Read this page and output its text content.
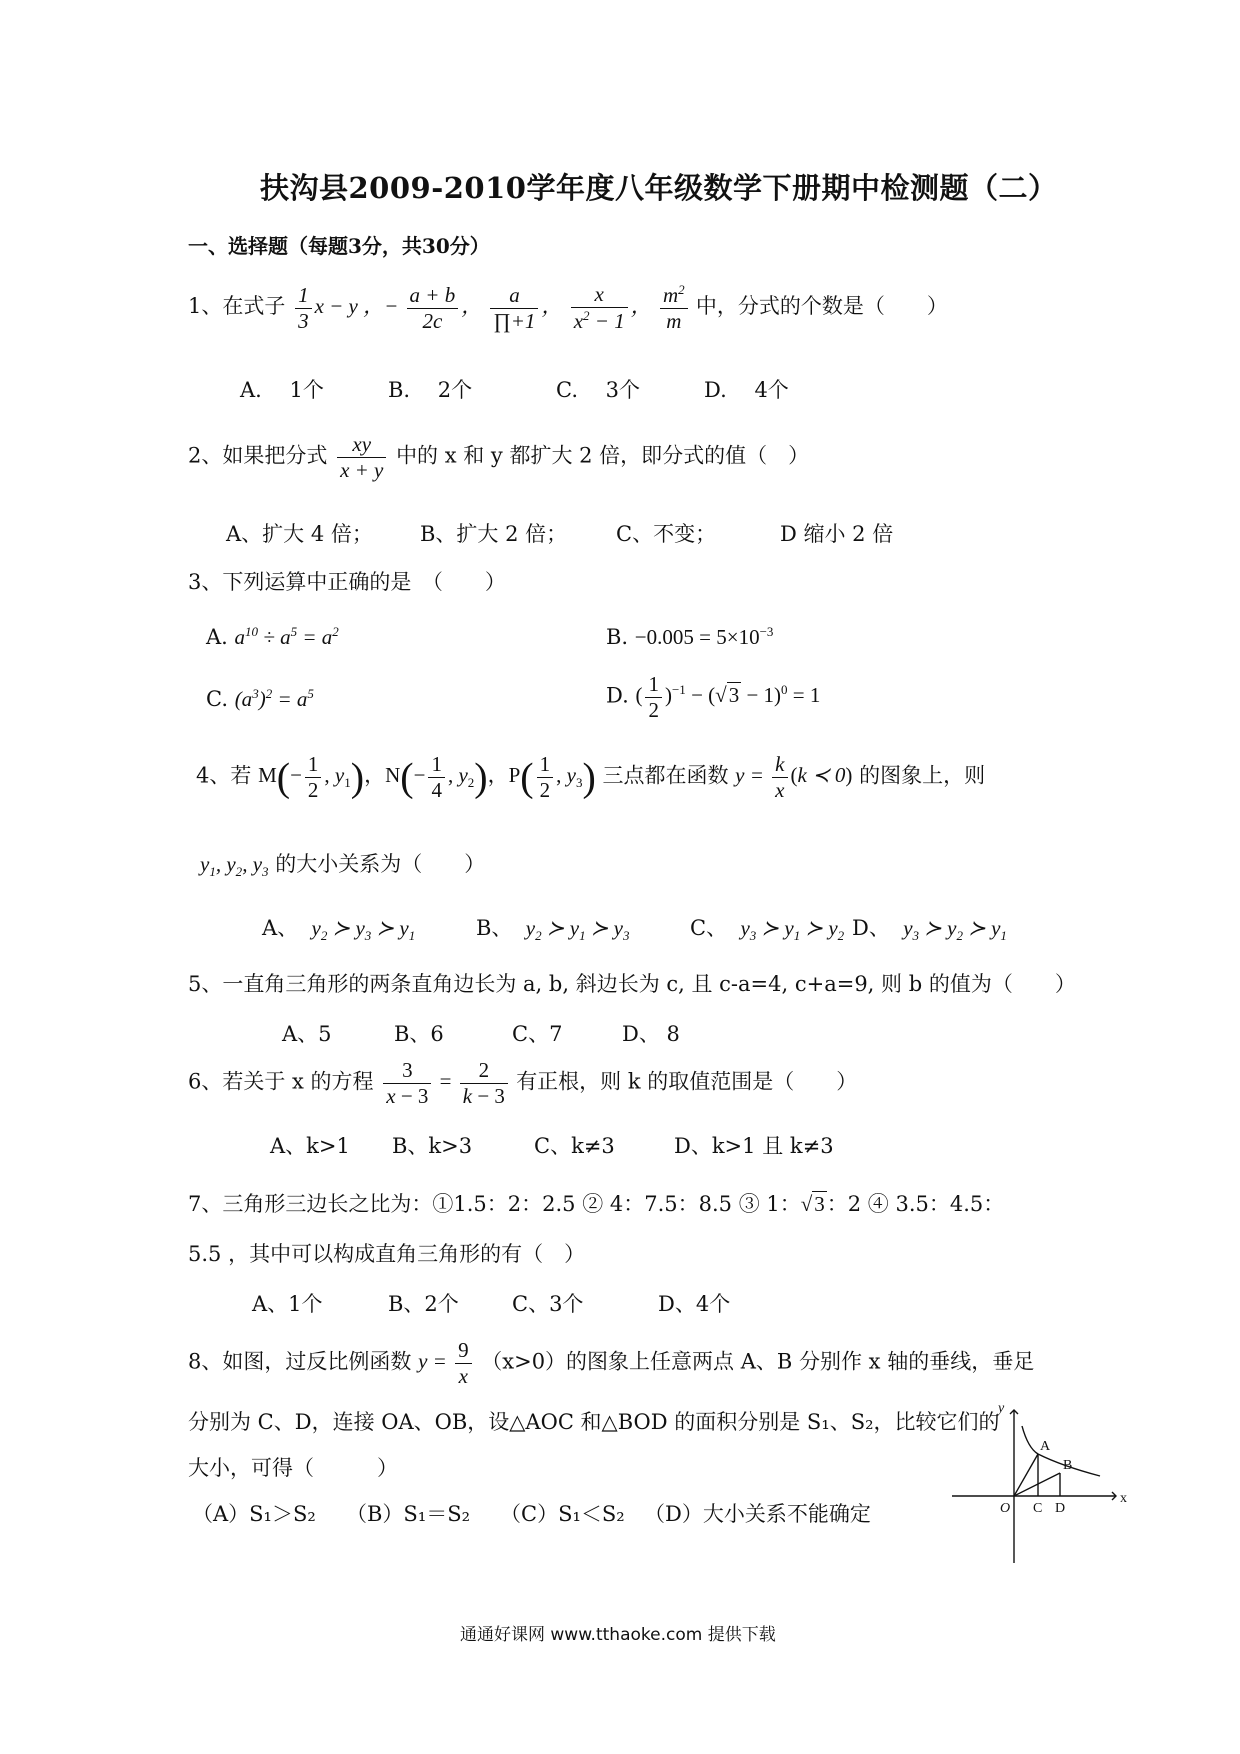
扶沟县2009-2010学年度八年级数学下册期中检测题（二）
一、选择题（每题3分，共30分）
1、在式子 $\frac{1}{3}$ x − y ，− $\frac{a + b}{2c}$ ， $\frac{a}{\prod+1}$ ， $\frac{x}{x^2 - 1}$ ， $\frac{m^2}{m}$ 中，分式的个数是（　　）
A.　 1个	B.　 2个	C.　 3个	D.　 4个
2、如果把分式 $\frac{xy}{x + y}$ 中的 x 和 y 都扩大 2 倍，即分式的值（　）
A、扩大 4 倍； B、扩大 2 倍； C、不变；	D 缩小 2 倍
3、下列运算中正确的是　（　　）
A. $a^{10} \div a^5 = a^2$	B. $-0.005 = 5\times 10^{-3}$
C. $(a^3)^2 = a^5$	D. ( $\frac{1}{2} )^{-1} - (√3 - 1)^0 = 1$
4、若 $M(- \frac{1}{2}$ , $y_1$)，$N(- \frac{1}{4}$ , $y_2$)，$P( \frac{1}{2}$ , $y_3$) 三点都在函数 $y = \frac{k}{x} (k$ ≺ 0) 的图象上，则
$y_1$, $y_2$, $y_3$ 的大小关系为（　　）
A、 $y_2$ ≻ $y_3$ ≻ $y_1$	B、 $y_2$ ≻ $y_1$ ≻ $y_3$	C、 $y_3$ ≻ $y_1$ ≻ $y_2$ D、 $y_3$ ≻ $y_2$ ≻ $y_1$
5、一直角三角形的两条直角边长为 a, b, 斜边长为 c, 且 c-a=4, c+a=9, 则 b 的值为（　　）
A、5	B、6	C、7	D、 8
6、若关于 x 的方程 $\frac{3}{x - 3} = \frac{2}{k - 3}$ 有正根，则 k 的取值范围是（　　）
A、k>1 B、k>3	C、k≠3	D、k>1 且 k≠3
7、三角形三边长之比为：①1.5：2：2.5 ② 4：7.5：8.5 ③ 1：√3：2 ④ 3.5：4.5：
5.5 ，其中可以构成直角三角形的有（　）
A、1个	B、2个	C、3个	D、4个
8、如图，过反比例函数 $y = \frac{9}{x} (x>0)$的图象上任意两点 A、B 分别作 x 轴的垂线，垂足
分别为 C、D，连接 OA、OB，设△AOC 和△BOD 的面积分别是 S₁、S₂，比较它们的
大小，可得（　　　）
（A）S₁＞S₂ （B）S₁＝S₂ （C）S₁＜S₂ （D）大小关系不能确定
y
x
O
A
B
C D
通通好课网 www.tthaoke.com 提供下载
